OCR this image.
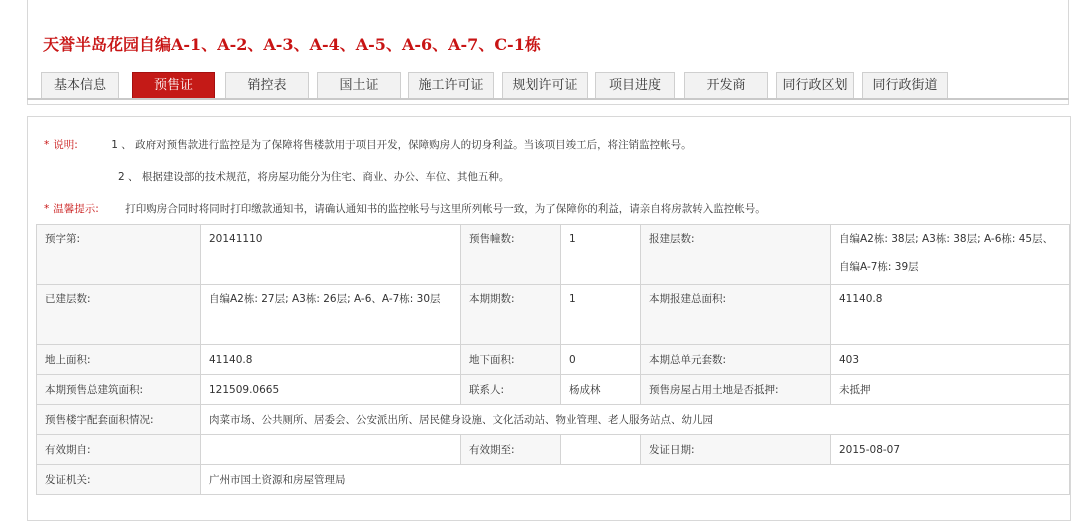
天誉半岛花园自编A-1、A-2、A-3、A-4、A-5、A-6、A-7、C-1栋
基本信息	预售证	销控表	国土证	施工许可证	规划许可证	项目进度	开发商	同行政区划	同行政街道
* 说明:	1 、 政府对预售款进行监控是为了保障将售楼款用于项目开发，保障购房人的切身利益。当该项目竣工后，将注销监控帐号。
2 、 根据建设部的技术规范，将房屋功能分为住宅、商业、办公、车位、其他五种。
* 温馨提示:	打印购房合同时将同时打印缴款通知书，请确认通知书的监控帐号与这里所列帐号一致，为了保障你的利益，请亲自将房款转入监控帐号。
预字第:	20141110	预售幢数:	1	报建层数:	自编A2栋: 38层; A3栋: 38层; A-6栋: 45层、自编A-7栋: 39层
已建层数:	自编A2栋: 27层; A3栋: 26层; A-6、A-7栋: 30层	本期期数:	1	本期报建总面积:	41140.8
地上面积:	41140.8	地下面积:	0	本期总单元套数:	403
本期预售总建筑面积:	121509.0665	联系人:	杨成林	预售房屋占用土地是否抵押:	未抵押
预售楼宇配套面积情况:	肉菜市场、公共厕所、居委会、公安派出所、居民健身设施、文化活动站、物业管理、老人服务站点、幼儿园				
有效期自:		有效期至:		发证日期:	2015-08-07
发证机关:	广州市国土资源和房屋管理局				
